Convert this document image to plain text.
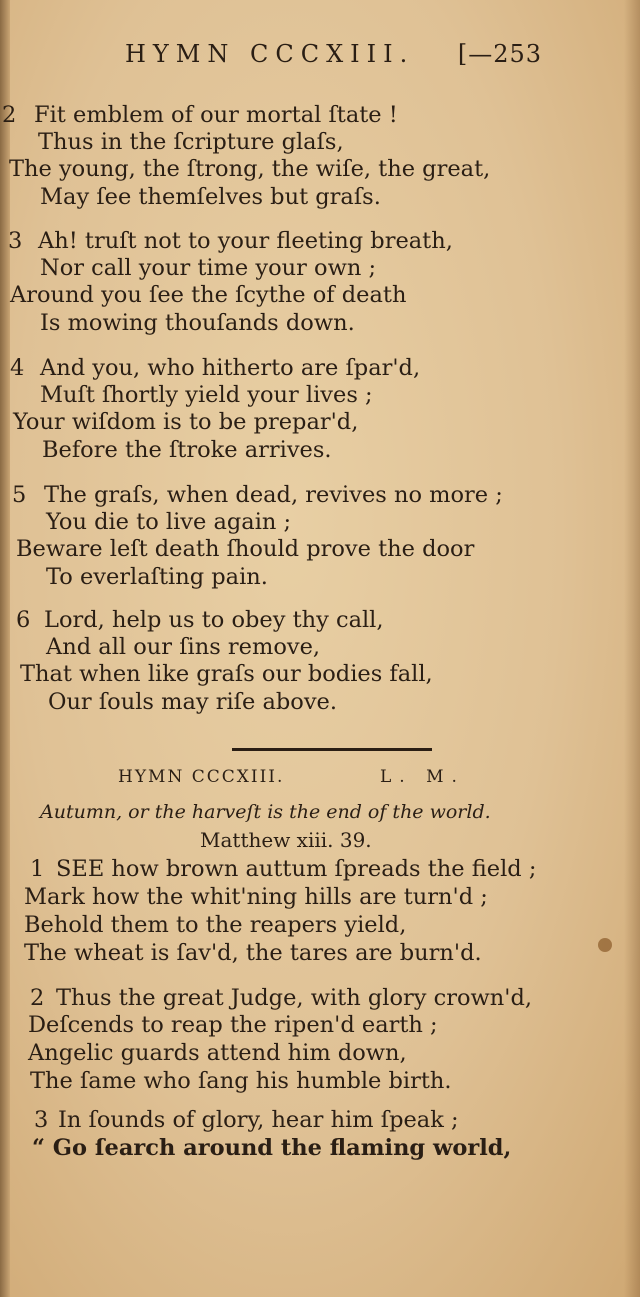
HYMN CCCXIII.	[—253
2 Fit emblem of our mortal ſtate !
Thus in the ſcripture glaſs,
The young, the ſtrong, the wiſe, the great,
May ſee themſelves but graſs.
3 Ah! truſt not to your fleeting breath,
Nor call your time your own ;
Around you ſee the ſcythe of death
Is mowing thouſands down.
4 And you, who hitherto are ſpar'd,
Muſt ſhortly yield your lives ;
Your wiſdom is to be prepar'd,
Before the ſtroke arrives.
5 The graſs, when dead, revives no more ;
You die to live again ;
Beware leſt death ſhould prove the door
To everlaſting pain.
6 Lord, help us to obey thy call,
And all our ſins remove,
That when like graſs our bodies fall,
Our ſouls may riſe above.
HYMN CCCXIII.	L. M.
Autumn, or the harveſt is the end of the world.
Matthew xiii. 39.
1 SEE how brown auttum ſpreads the field ;
Mark how the whit'ning hills are turn'd ;
Behold them to the reapers yield,
The wheat is ſav'd, the tares are burn'd.
2 Thus the great Judge, with glory crown'd,
Deſcends to reap the ripen'd earth ;
Angelic guards attend him down,
The ſame who ſang his humble birth.
3 In ſounds of glory, hear him ſpeak ;
“ Go ſearch around the flaming world,
